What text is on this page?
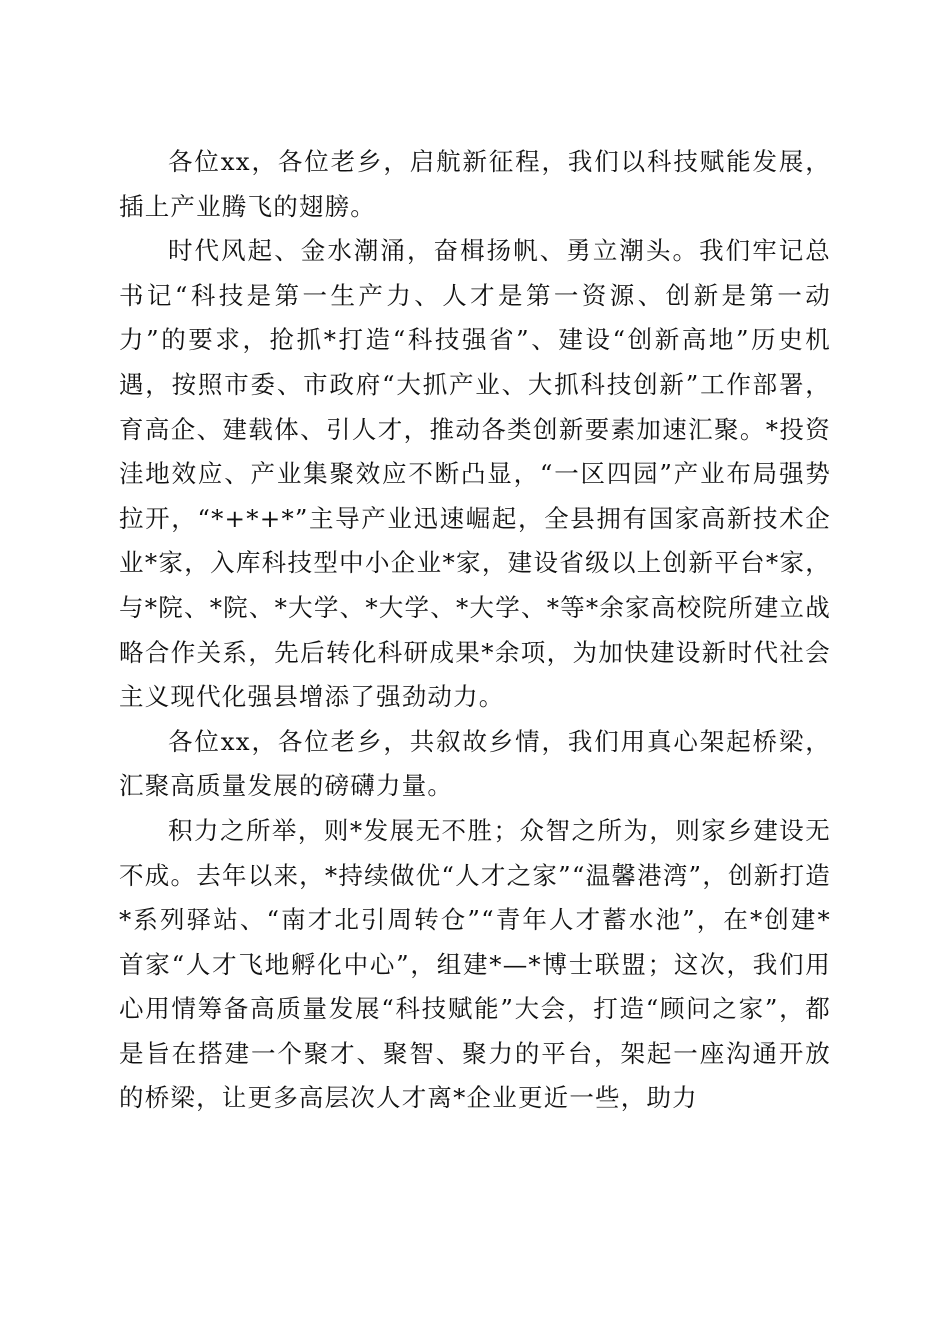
各位xx，各位老乡，启航新征程，我们以科技赋能发展，插上产业腾飞的翅膀。

时代风起、金水潮涌，奋楫扬帆、勇立潮头。我们牢记总书记“科技是第一生产力、人才是第一资源、创新是第一动力”的要求，抢抓*打造“科技强省”、建设“创新高地”历史机遇，按照市委、市政府“大抓产业、大抓科技创新”工作部署，育高企、建载体、引人才，推动各类创新要素加速汇聚。*投资洼地效应、产业集聚效应不断凸显，“一区四园”产业布局强势拉开，“*+*+*”主导产业迅速崛起，全县拥有国家高新技术企业*家，入库科技型中小企业*家，建设省级以上创新平台*家，与*院、*院、*大学、*大学、*大学、*等*余家高校院所建立战略合作关系，先后转化科研成果*余项，为加快建设新时代社会主义现代化强县增添了强劲动力。

各位xx，各位老乡，共叙故乡情，我们用真心架起桥梁，汇聚高质量发展的磅礴力量。

积力之所举，则*发展无不胜；众智之所为，则家乡建设无不成。去年以来，*持续做优“人才之家”“温馨港湾”，创新打造*系列驿站、“南才北引周转仓”“青年人才蓄水池”，在*创建*首家“人才飞地孵化中心”，组建*—*博士联盟；这次，我们用心用情筹备高质量发展“科技赋能”大会，打造“顾问之家”，都是旨在搭建一个聚才、聚智、聚力的平台，架起一座沟通开放的桥梁，让更多高层次人才离*企业更近一些，助力
